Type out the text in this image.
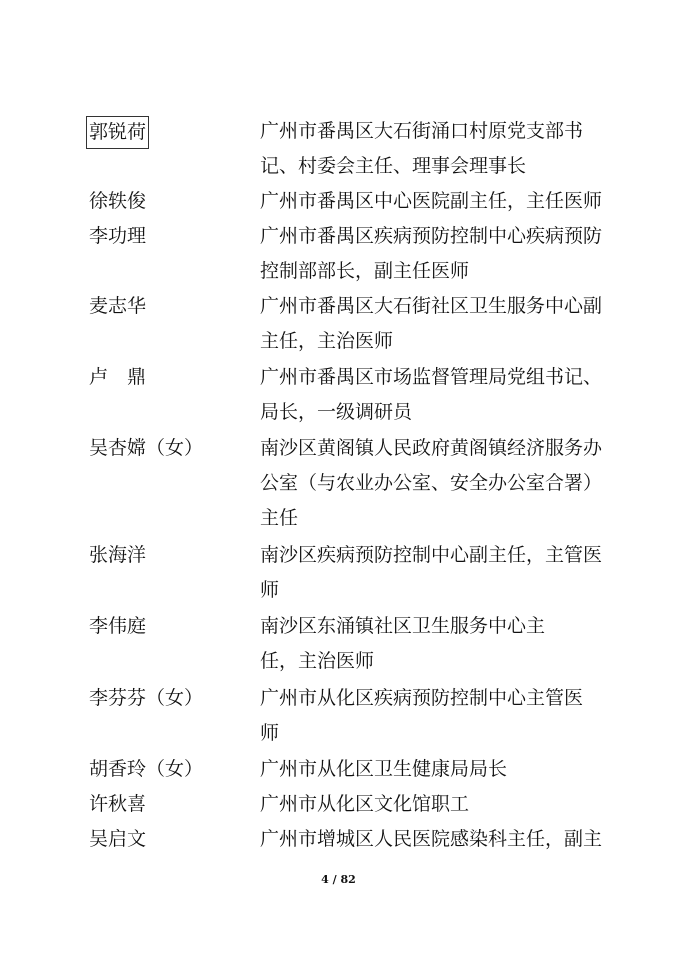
郭锐荷	广州市番禺区大石街涌口村原党支部书
记、村委会主任、理事会理事长
徐轶俊	广州市番禺区中心医院副主任，主任医师
李功理	广州市番禺区疾病预防控制中心疾病预防
控制部部长，副主任医师
麦志华	广州市番禺区大石街社区卫生服务中心副
主任，主治医师
卢　鼎	广州市番禺区市场监督管理局党组书记、
局长，一级调研员
吴杏嫦（女）	南沙区黄阁镇人民政府黄阁镇经济服务办
公室（与农业办公室、安全办公室合署）
主任
张海洋	南沙区疾病预防控制中心副主任，主管医
师
李伟庭	南沙区东涌镇社区卫生服务中心主
任，主治医师
李芬芬（女）	广州市从化区疾病预防控制中心主管医
师
胡香玲（女）	广州市从化区卫生健康局局长
许秋喜	广州市从化区文化馆职工
吴启文	广州市增城区人民医院感染科主任，副主
4 / 82
